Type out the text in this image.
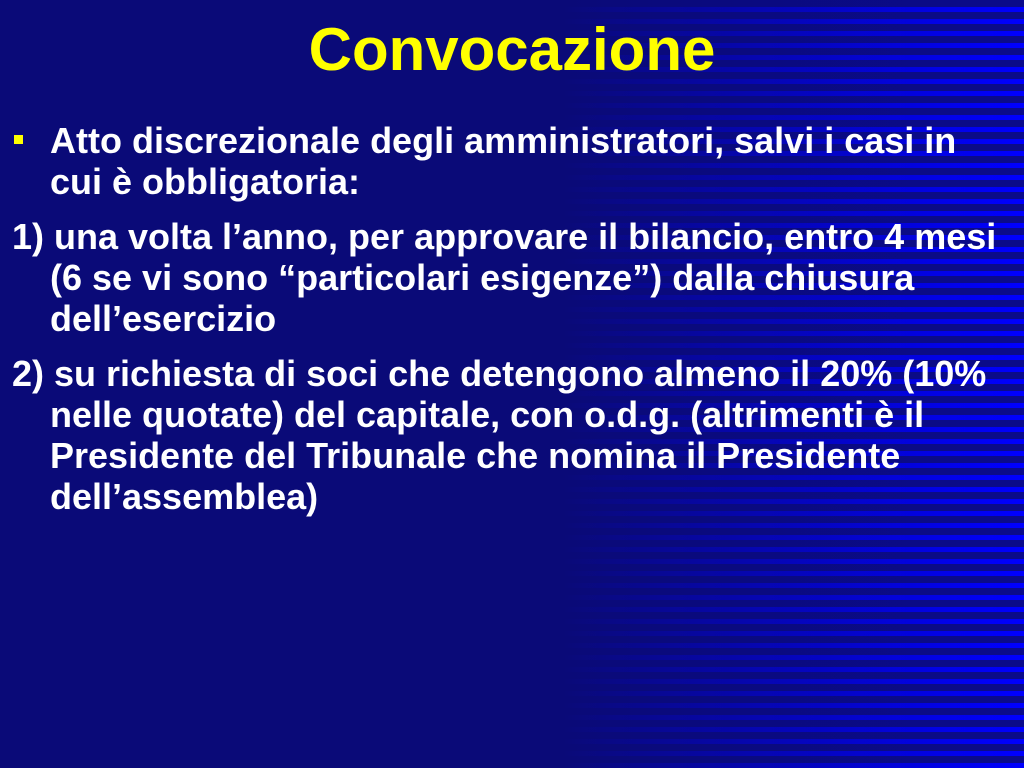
Convocazione
Atto discrezionale degli amministratori, salvi i casi in cui è obbligatoria:
1) una volta l’anno, per approvare il bilancio, entro 4 mesi (6 se vi sono “particolari esigenze”) dalla chiusura dell’esercizio
2) su richiesta di soci che detengono almeno il 20% (10% nelle quotate) del capitale, con o.d.g. (altrimenti è il Presidente del Tribunale che nomina il Presidente dell’assemblea)
